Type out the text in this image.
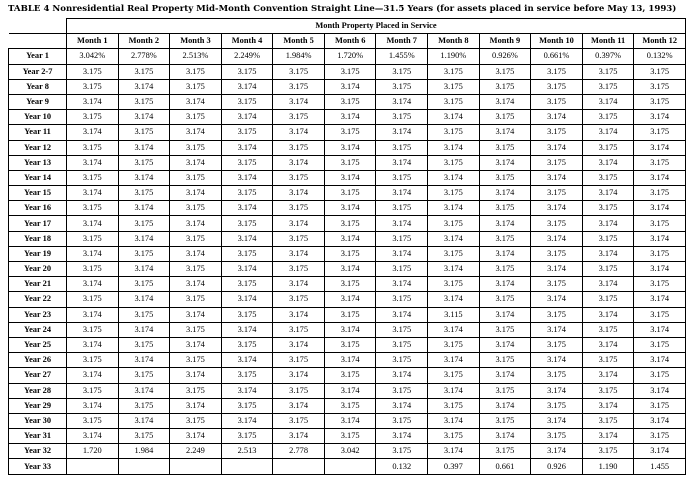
TABLE 4 Nonresidential Real Property Mid-Month Convention Straight Line—31.5 Years (for assets placed in service before May 13, 1993)
	Month Property Placed in Service											
	Month 1	Month 2	Month 3	Month 4	Month 5	Month 6	Month 7	Month 8	Month 9	Month 10	Month 11	Month 12
Year 1	3.042%	2.778%	2.513%	2.249%	1.984%	1.720%	1.455%	1.190%	0.926%	0.661%	0.397%	0.132%
Year 2-7	3.175	3.175	3.175	3.175	3.175	3.175	3.175	3.175	3.175	3.175	3.175	3.175
Year 8	3.175	3.174	3.175	3.174	3.175	3.174	3.175	3.175	3.175	3.175	3.175	3.175
Year 9	3.174	3.175	3.174	3.175	3.174	3.175	3.174	3.175	3.174	3.175	3.174	3.175
Year 10	3.175	3.174	3.175	3.174	3.175	3.174	3.175	3.174	3.175	3.174	3.175	3.174
Year 11	3.174	3.175	3.174	3.175	3.174	3.175	3.174	3.175	3.174	3.175	3.174	3.175
Year 12	3.175	3.174	3.175	3.174	3.175	3.174	3.175	3.174	3.175	3.174	3.175	3.174
Year 13	3.174	3.175	3.174	3.175	3.174	3.175	3.174	3.175	3.174	3.175	3.174	3.175
Year 14	3.175	3.174	3.175	3.174	3.175	3.174	3.175	3.174	3.175	3.174	3.175	3.174
Year 15	3.174	3.175	3.174	3.175	3.174	3.175	3.174	3.175	3.174	3.175	3.174	3.175
Year 16	3.175	3.174	3.175	3.174	3.175	3.174	3.175	3.174	3.175	3.174	3.175	3.174
Year 17	3.174	3.175	3.174	3.175	3.174	3.175	3.174	3.175	3.174	3.175	3.174	3.175
Year 18	3.175	3.174	3.175	3.174	3.175	3.174	3.175	3.174	3.175	3.174	3.175	3.174
Year 19	3.174	3.175	3.174	3.175	3.174	3.175	3.174	3.175	3.174	3.175	3.174	3.175
Year 20	3.175	3.174	3.175	3.174	3.175	3.174	3.175	3.174	3.175	3.174	3.175	3.174
Year 21	3.174	3.175	3.174	3.175	3.174	3.175	3.174	3.175	3.174	3.175	3.174	3.175
Year 22	3.175	3.174	3.175	3.174	3.175	3.174	3.175	3.174	3.175	3.174	3.175	3.174
Year 23	3.174	3.175	3.174	3.175	3.174	3.175	3.174	3.115	3.174	3.175	3.174	3.175
Year 24	3.175	3.174	3.175	3.174	3.175	3.174	3.175	3.174	3.175	3.174	3.175	3.174
Year 25	3.174	3.175	3.174	3.175	3.174	3.175	3.175	3.175	3.174	3.175	3.174	3.175
Year 26	3.175	3.174	3.175	3.174	3.175	3.174	3.175	3.174	3.175	3.174	3.175	3.174
Year 27	3.174	3.175	3.174	3.175	3.174	3.175	3.174	3.175	3.174	3.175	3.174	3.175
Year 28	3.175	3.174	3.175	3.174	3.175	3.174	3.175	3.174	3.175	3.174	3.175	3.174
Year 29	3.174	3.175	3.174	3.175	3.174	3.175	3.174	3.175	3.174	3.175	3.174	3.175
Year 30	3.175	3.174	3.175	3.174	3.175	3.174	3.175	3.174	3.175	3.174	3.175	3.174
Year 31	3.174	3.175	3.174	3.175	3.174	3.175	3.174	3.175	3.174	3.175	3.174	3.175
Year 32	1.720	1.984	2.249	2.513	2.778	3.042	3.175	3.174	3.175	3.174	3.175	3.174
Year 33							0.132	0.397	0.661	0.926	1.190	1.455
